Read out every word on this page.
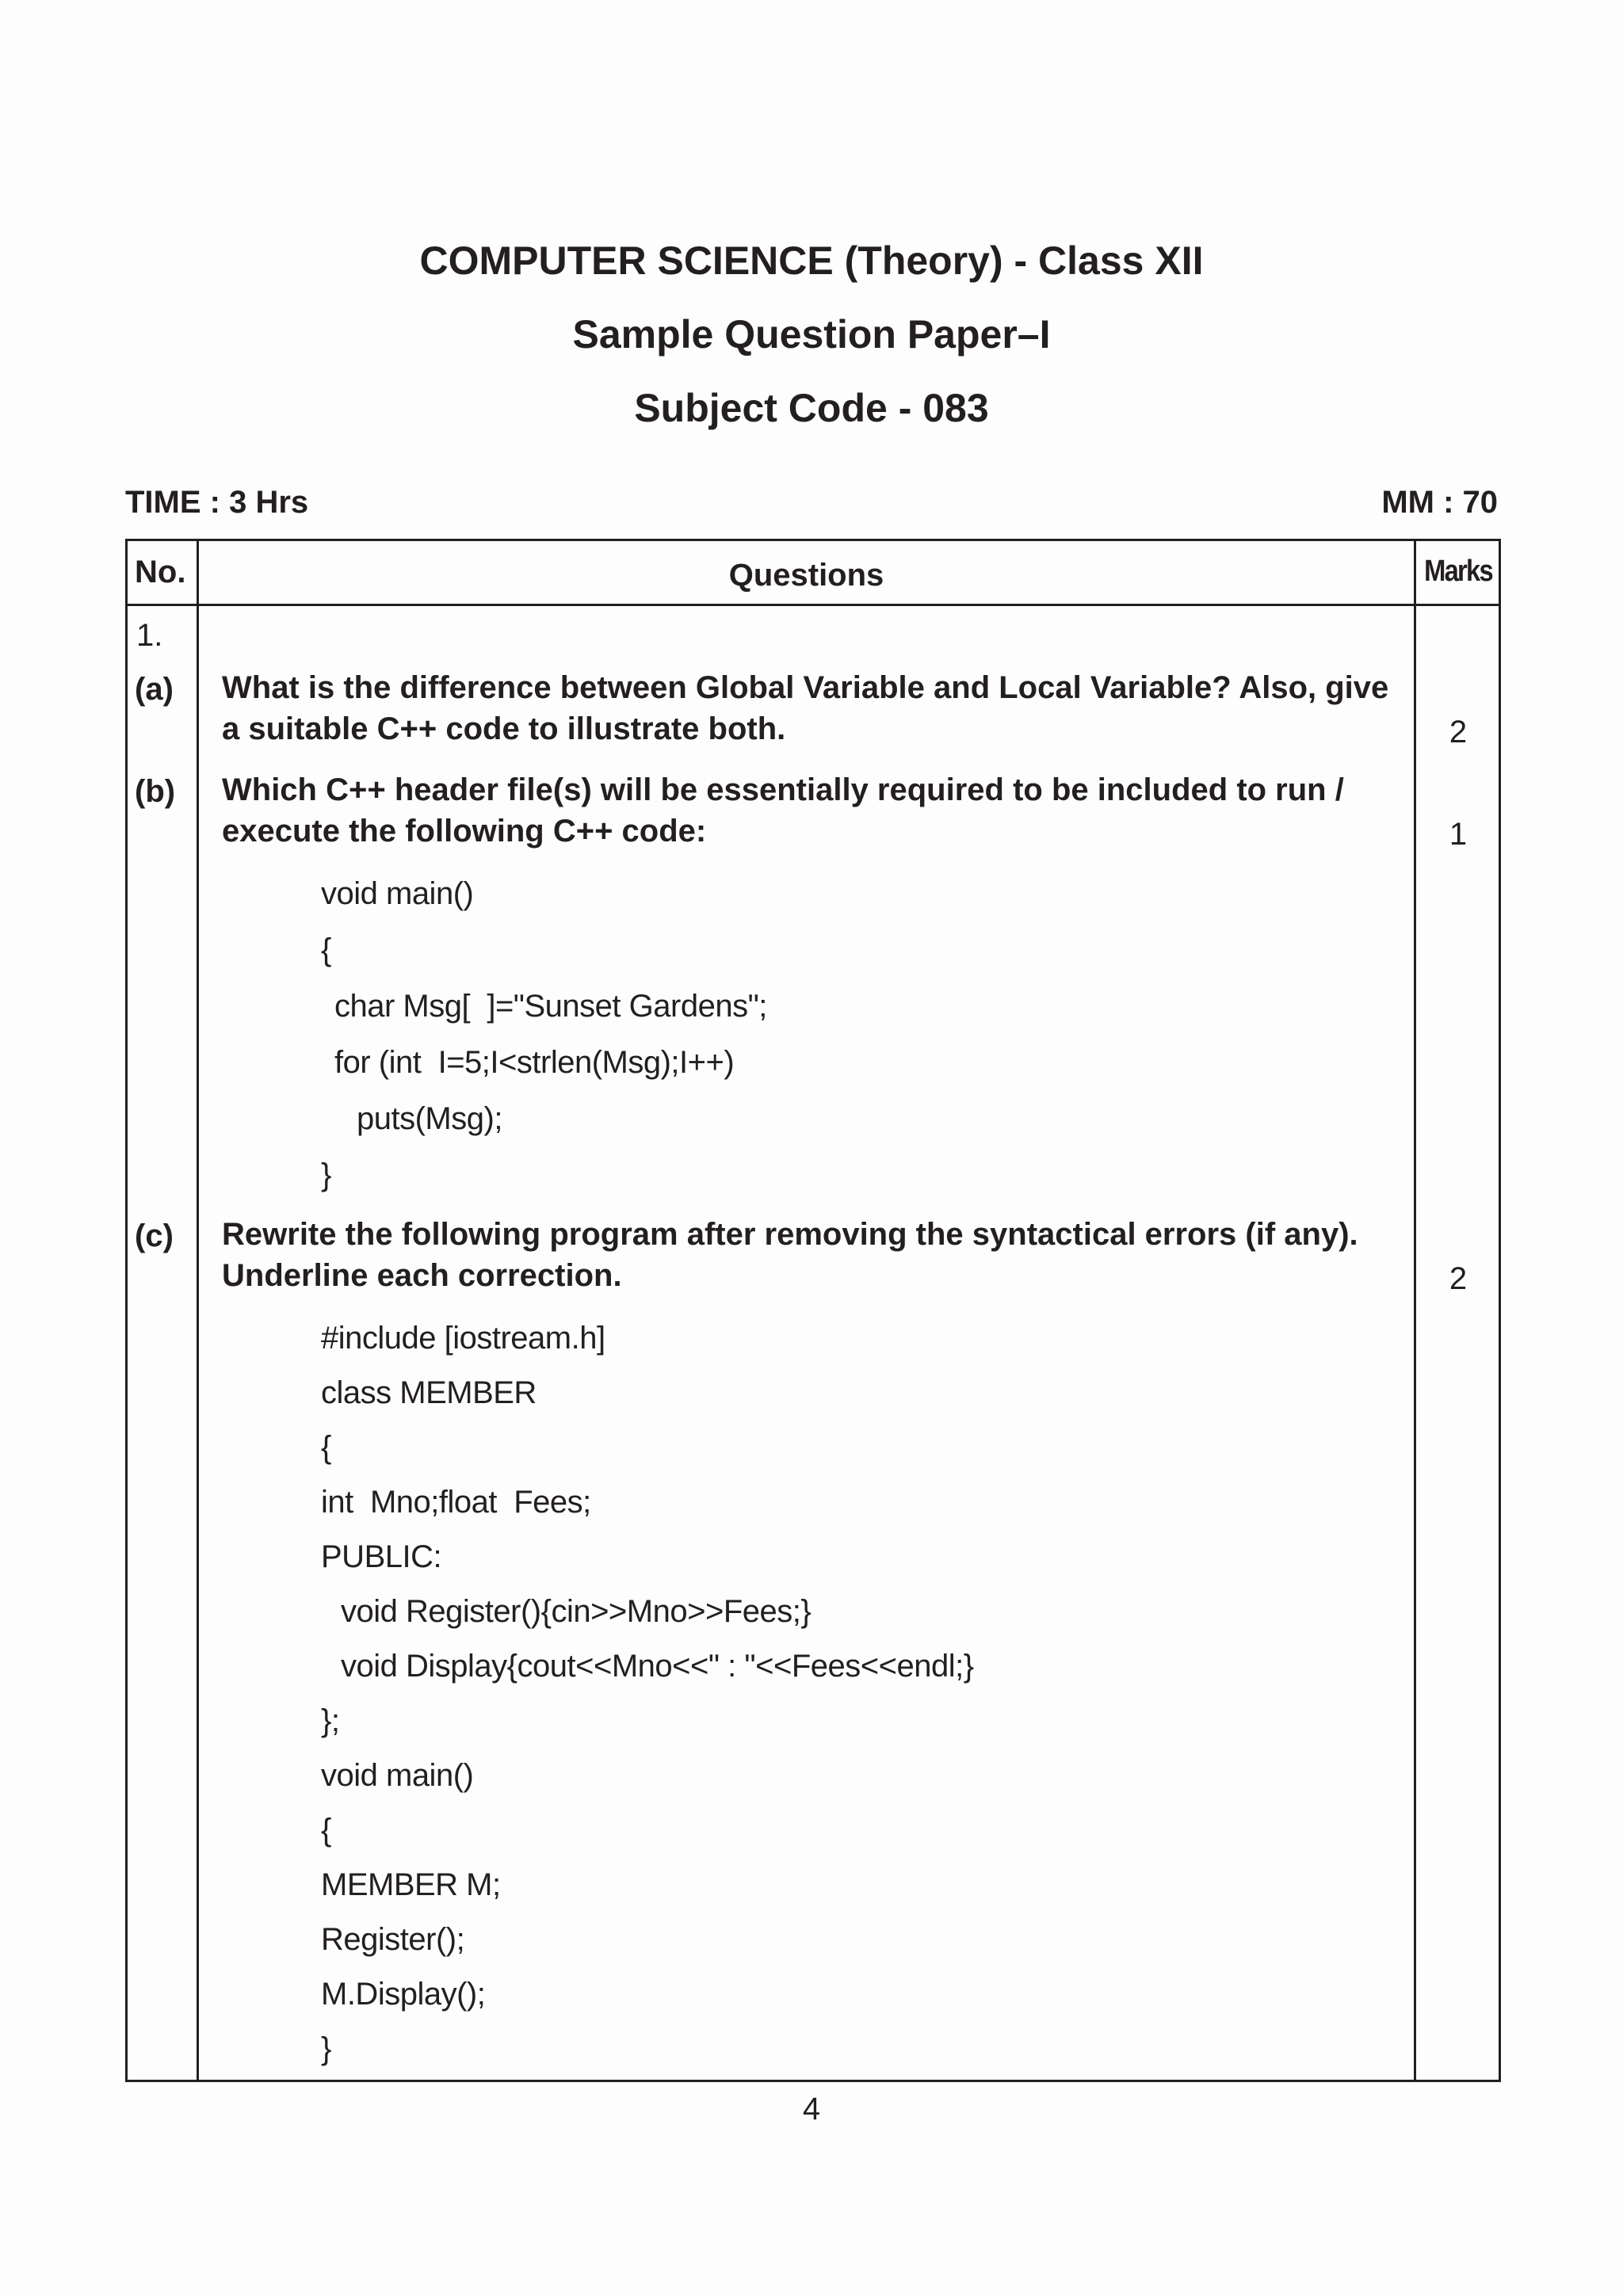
COMPUTER SCIENCE (Theory) - Class XII
Sample Question Paper–I
Subject Code - 083
TIME : 3 Hrs	MM : 70
No.	Questions	Marks
1.
(a) What is the difference between Global Variable and Local Variable? Also, give
a suitable C++ code to illustrate both.	2
(b) Which C++ header file(s) will be essentially required to be included to run /
execute the following C++ code:	1
void main()
{
char Msg[  ]="Sunset Gardens";
for (int  I=5;I<strlen(Msg);I++)
puts(Msg);
}
(c) Rewrite the following program after removing the syntactical errors (if any).
Underline each correction.	2
#include [iostream.h]
class MEMBER
{
int  Mno;float  Fees;
PUBLIC:
void Register(){cin>>Mno>>Fees;}
void Display{cout<<Mno<<" : "<<Fees<<endl;}
};
void main()
{
MEMBER M;
Register();
M.Display();
}
4
